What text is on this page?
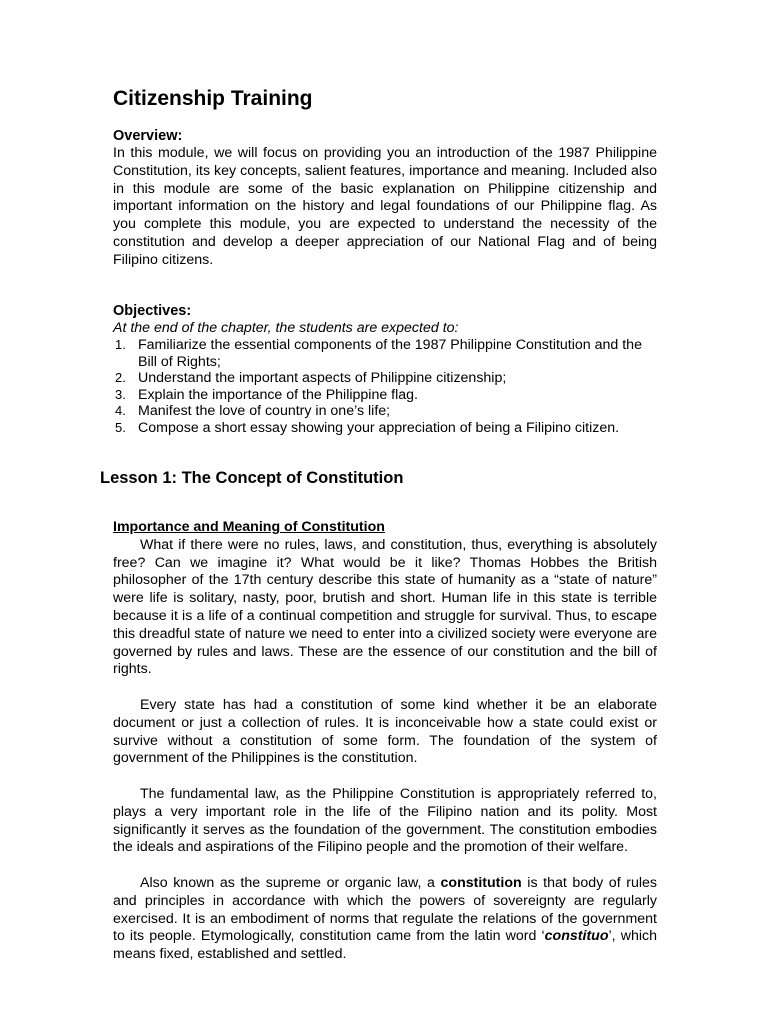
Citizenship Training

Overview:

In this module, we will focus on providing you an introduction of the 1987 Philippine Constitution, its key concepts, salient features, importance and meaning. Included also in this module are some of the basic explanation on Philippine citizenship and important information on the history and legal foundations of our Philippine flag. As you complete this module, you are expected to understand the necessity of the constitution and develop a deeper appreciation of our National Flag and of being Filipino citizens.

Objectives:

At the end of the chapter, the students are expected to:

1. Familiarize the essential components of the 1987 Philippine Constitution and the Bill of Rights;
2. Understand the important aspects of Philippine citizenship;
3. Explain the importance of the Philippine flag.
4. Manifest the love of country in one’s life;
5. Compose a short essay showing your appreciation of being a Filipino citizen.
Lesson 1: The Concept of Constitution

Importance and Meaning of Constitution

What if there were no rules, laws, and constitution, thus, everything is absolutely free? Can we imagine it? What would be it like? Thomas Hobbes the British philosopher of the 17th century describe this state of humanity as a “state of nature” were life is solitary, nasty, poor, brutish and short. Human life in this state is terrible because it is a life of a continual competition and struggle for survival. Thus, to escape this dreadful state of nature we need to enter into a civilized society were everyone are governed by rules and laws. These are the essence of our constitution and the bill of rights.

Every state has had a constitution of some kind whether it be an elaborate document or just a collection of rules. It is inconceivable how a state could exist or survive without a constitution of some form. The foundation of the system of government of the Philippines is the constitution.

The fundamental law, as the Philippine Constitution is appropriately referred to, plays a very important role in the life of the Filipino nation and its polity. Most significantly it serves as the foundation of the government. The constitution embodies the ideals and aspirations of the Filipino people and the promotion of their welfare.

Also known as the supreme or organic law, a constitution is that body of rules and principles in accordance with which the powers of sovereignty are regularly exercised. It is an embodiment of norms that regulate the relations of the government to its people. Etymologically, constitution came from the latin word ‘constituo’, which means fixed, established and settled.
